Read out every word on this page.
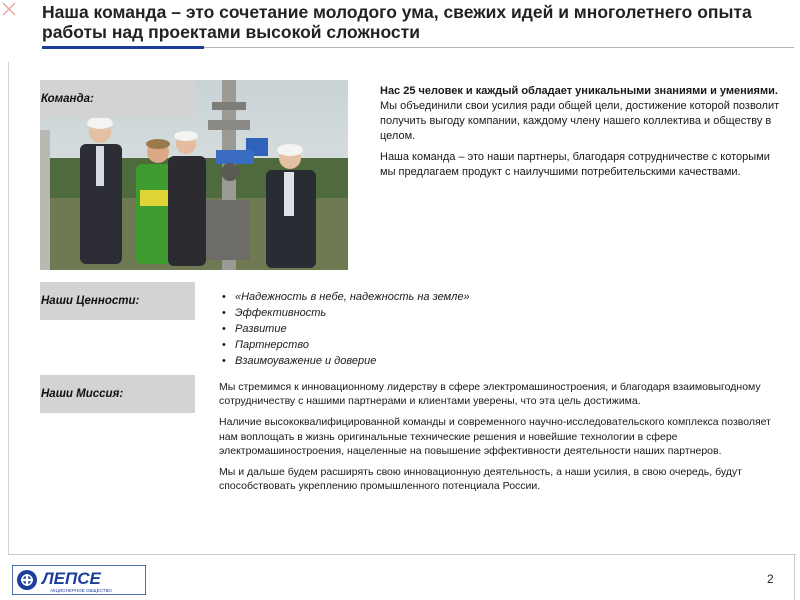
Наша команда – это сочетание молодого ума, свежих идей и многолетнего опыта работы над проектами высокой сложности
Команда:

Нас 25 человек и каждый обладает уникальными знаниями и умениями. Мы объединили свои усилия ради общей цели, достижение которой позволит получить выгоду компании, каждому члену нашего коллектива и обществу в целом.

Наша команда – это наши партнеры, благодаря сотрудничестве с которыми мы предлагаем продукт с наилучшими потребительскими качествами.

Наши Ценности:
•	«Надежность в небе, надежность на земле»
• Эффективность
• Развитие
• Партнерство
• Взаимоуважение и доверие
Наши Миссия:

Мы стремимся к инновационному лидерству в сфере электромашиностроения, и благодаря взаимовыгодному сотрудничеству с нашими партнерами и клиентами уверены, что эта цель достижима.

Наличие высококвалифицированной команды и современного научно-исследовательского комплекса позволяет нам воплощать в жизнь оригинальные технические решения и новейшие технологии в сфере электромашиностроения, нацеленные на повышение эффективности деятельности наших партнеров.

Мы и дальше будем расширять свою инновационную деятельность, а наши усилия, в свою очередь, будут способствовать укреплению промышленного потенциала России.

ЛЕПСЕ
АКЦИОНЕРНОЕ ОБЩЕСТВО
2
